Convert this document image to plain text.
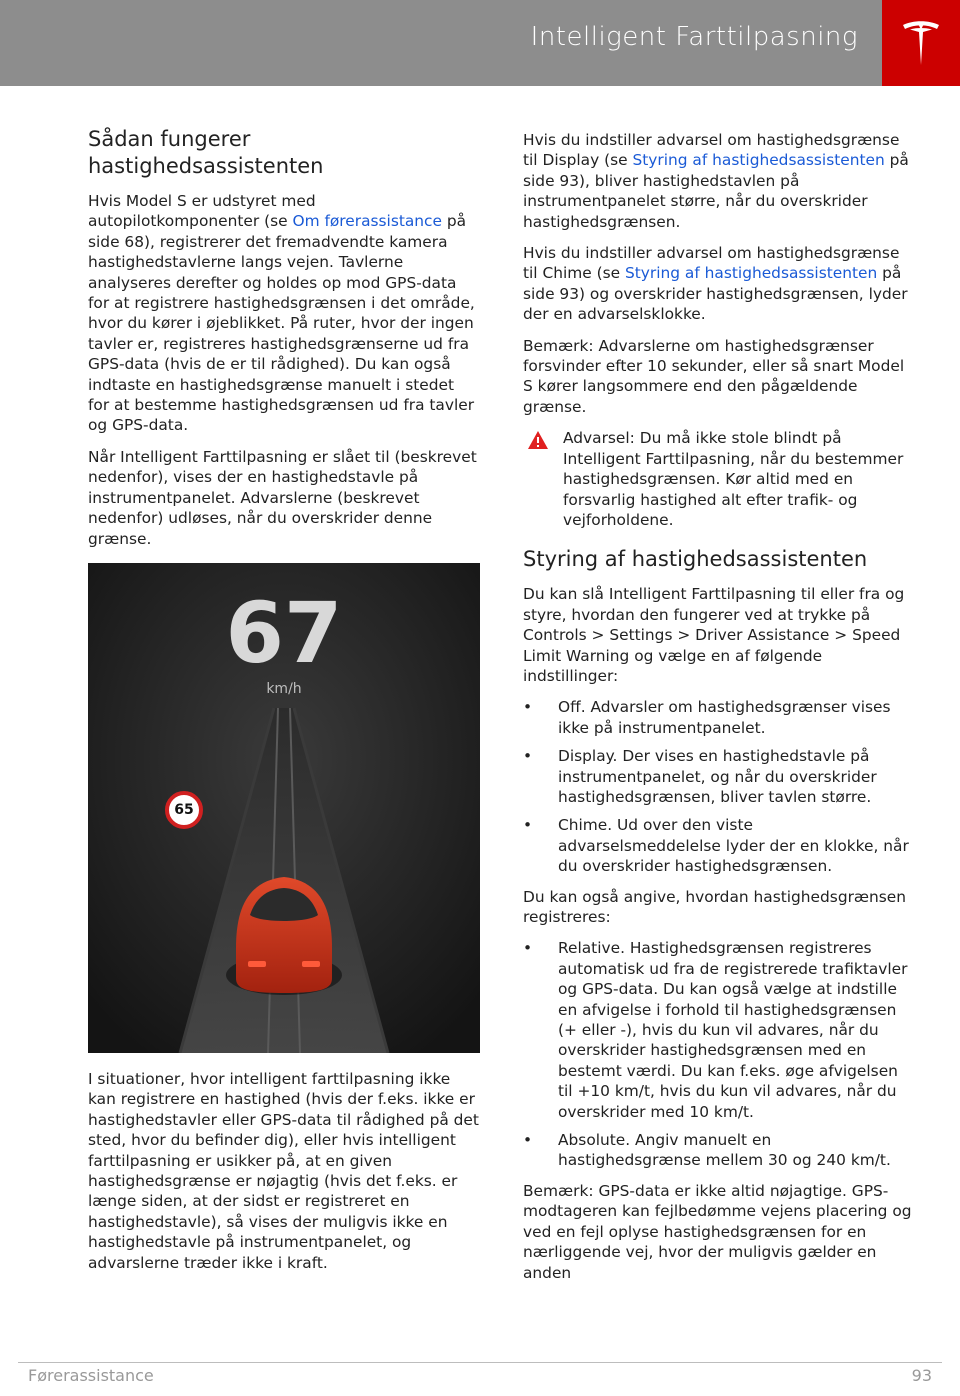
Intelligent Farttilpasning
Sådan fungerer hastighedsassistenten

Hvis Model S er udstyret med autopilotkomponenter (se Om førerassistance på side 68), registrerer det fremadvendte kamera hastighedstavlerne langs vejen. Tavlerne analyseres derefter og holdes op mod GPS-data for at registrere hastighedsgrænsen i det område, hvor du kører i øjeblikket. På ruter, hvor der ingen tavler er, registreres hastighedsgrænserne ud fra GPS-data (hvis de er til rådighed). Du kan også indtaste en hastighedsgrænse manuelt i stedet for at bestemme hastighedsgrænsen ud fra tavler og GPS-data.

Når Intelligent Farttilpasning er slået til (beskrevet nedenfor), vises der en hastighedstavle på instrumentpanelet. Advarslerne (beskrevet nedenfor) udløses, når du overskrider denne grænse.

67
km/h
65

I situationer, hvor intelligent farttilpasning ikke kan registrere en hastighed (hvis der f.eks. ikke er hastighedstavler eller GPS-data til rådighed på det sted, hvor du befinder dig), eller hvis intelligent farttilpasning er usikker på, at en given hastighedsgrænse er nøjagtig (hvis det f.eks. er længe siden, at der sidst er registreret en hastighedstavle), så vises der muligvis ikke en hastighedstavle på instrumentpanelet, og advarslerne træder ikke i kraft.

Hvis du indstiller advarsel om hastighedsgrænse til Display (se Styring af hastighedsassistenten på side 93), bliver hastighedstavlen på instrumentpanelet større, når du overskrider hastighedsgrænsen.

Hvis du indstiller advarsel om hastighedsgrænse til Chime (se Styring af hastighedsassistenten på side 93) og overskrider hastighedsgrænsen, lyder der en advarselsklokke.

Bemærk: Advarslerne om hastighedsgrænser forsvinder efter 10 sekunder, eller så snart Model S kører langsommere end den pågældende grænse.

Advarsel: Du må ikke stole blindt på Intelligent Farttilpasning, når du bestemmer hastighedsgrænsen. Kør altid med en forsvarlig hastighed alt efter trafik- og vejforholdene.
Styring af hastighedsassistenten

Du kan slå Intelligent Farttilpasning til eller fra og styre, hvordan den fungerer ved at trykke på Controls > Settings > Driver Assistance > Speed Limit Warning og vælge en af følgende indstillinger:

• Off. Advarsler om hastighedsgrænser vises ikke på instrumentpanelet.
• Display. Der vises en hastighedstavle på instrumentpanelet, og når du overskrider hastighedsgrænsen, bliver tavlen større.
• Chime. Ud over den viste advarselsmeddelelse lyder der en klokke, når du overskrider hastighedsgrænsen.

Du kan også angive, hvordan hastighedsgrænsen registreres:

• Relative. Hastighedsgrænsen registreres automatisk ud fra de registrerede trafiktavler og GPS-data. Du kan også vælge at indstille en afvigelse i forhold til hastighedsgrænsen (+ eller -), hvis du kun vil advares, når du overskrider hastighedsgrænsen med en bestemt værdi. Du kan f.eks. øge afvigelsen til +10 km/t, hvis du kun vil advares, når du overskrider med 10 km/t.
• Absolute. Angiv manuelt en hastighedsgrænse mellem 30 og 240 km/t.

Bemærk: GPS-data er ikke altid nøjagtige. GPS-modtageren kan fejlbedømme vejens placering og ved en fejl oplyse hastighedsgrænsen for en nærliggende vej, hvor der muligvis gælder en anden

Førerassistance	93
